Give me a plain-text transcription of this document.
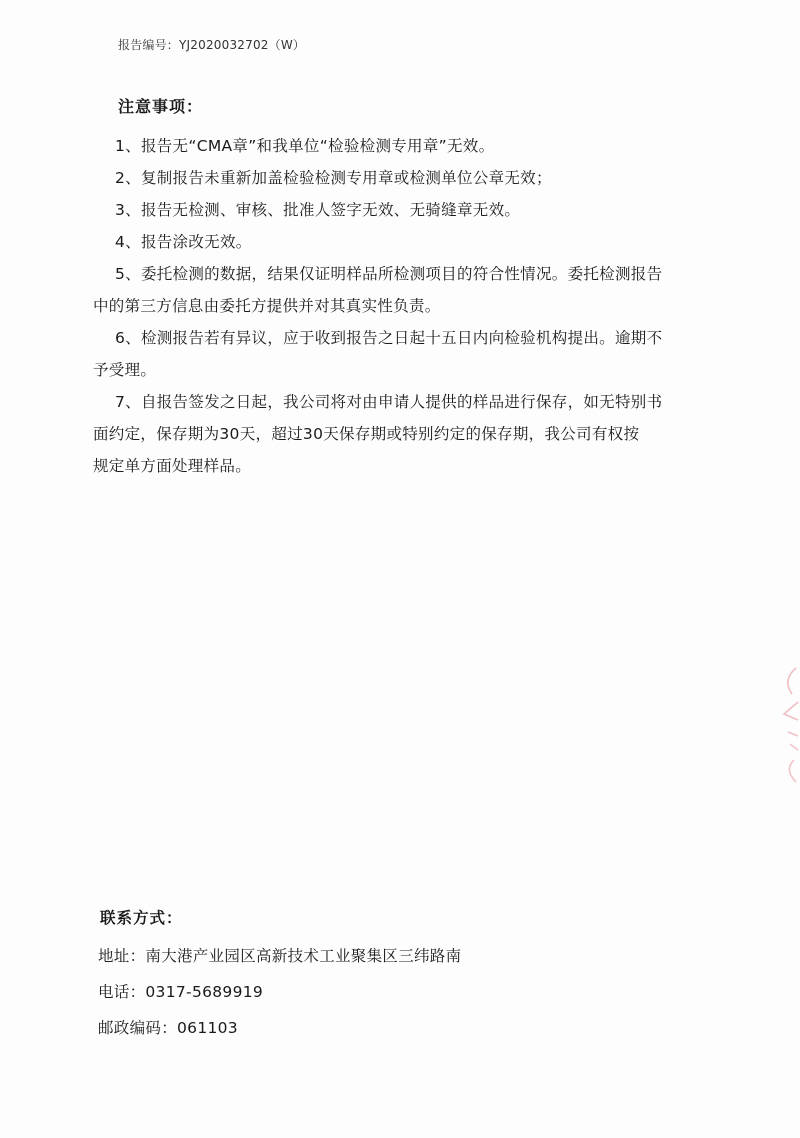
报告编号：YJ2020032702（W）
注意事项：
1、报告无“CMA章”和我单位“检验检测专用章”无效。
2、复制报告未重新加盖检验检测专用章或检测单位公章无效；
3、报告无检测、审核、批准人签字无效、无骑缝章无效。
4、报告涂改无效。
5、委托检测的数据，结果仅证明样品所检测项目的符合性情况。委托检测报告
中的第三方信息由委托方提供并对其真实性负责。
6、检测报告若有异议，应于收到报告之日起十五日内向检验机构提出。逾期不
予受理。
7、自报告签发之日起，我公司将对由申请人提供的样品进行保存，如无特别书
面约定，保存期为30天，超过30天保存期或特别约定的保存期，我公司有权按
规定单方面处理样品。
联系方式：
地址：南大港产业园区高新技术工业聚集区三纬路南
电话：0317-5689919
邮政编码：061103
